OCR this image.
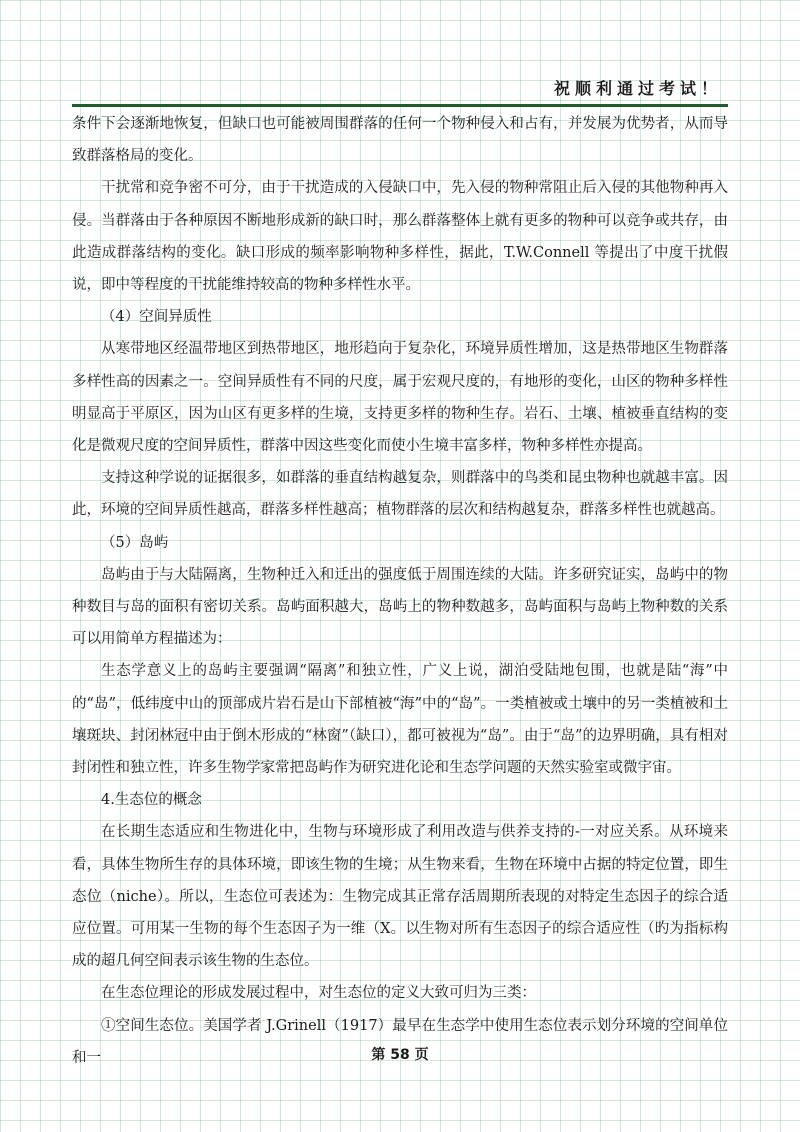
祝顺利通过考试！

条件下会逐渐地恢复，但缺口也可能被周围群落的任何一个物种侵入和占有，并发展为优势者，从而导致群落格局的变化。

干扰常和竞争密不可分，由于干扰造成的入侵缺口中，先入侵的物种常阻止后入侵的其他物种再入侵。当群落由于各种原因不断地形成新的缺口时，那么群落整体上就有更多的物种可以竞争或共存，由此造成群落结构的变化。缺口形成的频率影响物种多样性，据此，T.W.Connell 等提出了中度干扰假说，即中等程度的干扰能维持较高的物种多样性水平。

（4）空间异质性

从寒带地区经温带地区到热带地区，地形趋向于复杂化，环境异质性增加，这是热带地区生物群落多样性高的因素之一。空间异质性有不同的尺度，属于宏观尺度的，有地形的变化，山区的物种多样性明显高于平原区，因为山区有更多样的生境，支持更多样的物种生存。岩石、土壤、植被垂直结构的变化是微观尺度的空间异质性，群落中因这些变化而使小生境丰富多样，物种多样性亦提高。

支持这种学说的证据很多，如群落的垂直结构越复杂，则群落中的鸟类和昆虫物种也就越丰富。因此，环境的空间异质性越高，群落多样性越高；植物群落的层次和结构越复杂，群落多样性也就越高。

（5）岛屿

岛屿由于与大陆隔离，生物种迁入和迁出的强度低于周围连续的大陆。许多研究证实，岛屿中的物种数目与岛的面积有密切关系。岛屿面积越大，岛屿上的物种数越多，岛屿面积与岛屿上物种数的关系可以用简单方程描述为：

生态学意义上的岛屿主要强调“隔离”和独立性，广义上说，湖泊受陆地包围，也就是陆“海”中的“岛”，低纬度中山的顶部成片岩石是山下部植被“海”中的“岛”。一类植被或土壤中的另一类植被和土壤斑块、封闭林冠中由于倒木形成的“林窗”（缺口），都可被视为“岛”。由于“岛”的边界明确，具有相对封闭性和独立性，许多生物学家常把岛屿作为研究进化论和生态学问题的天然实验室或微宇宙。

4.生态位的概念

在长期生态适应和生物进化中，生物与环境形成了利用改造与供养支持的-一对应关系。从环境来看，具体生物所生存的具体环境，即该生物的生境；从生物来看，生物在环境中占据的特定位置，即生态位（niche）。所以，生态位可表述为：生物完成其正常存活周期所表现的对特定生态因子的综合适应位置。可用某一生物的每个生态因子为一维（X。以生物对所有生态因子的综合适应性（旳为指标构成的超几何空间表示该生物的生态位。

在生态位理论的形成发展过程中，对生态位的定义大致可归为三类：

①空间生态位。美国学者 J.Grinell（1917）最早在生态学中使用生态位表示划分环境的空间单位和一	第 58 页
